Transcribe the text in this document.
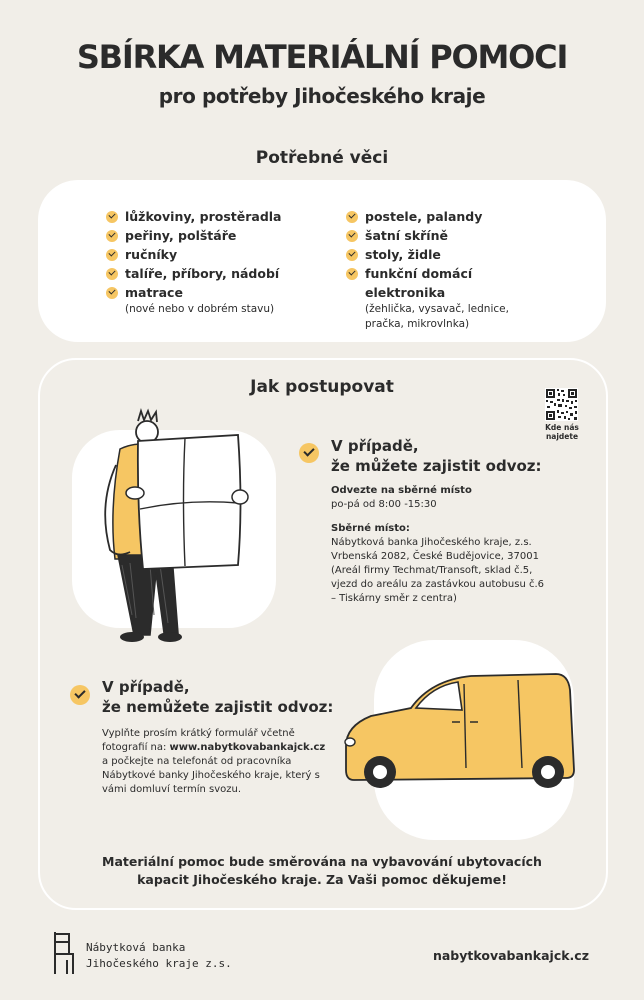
SBÍRKA MATERIÁLNÍ POMOCI
pro potřeby Jihočeského kraje
Potřebné věci
lůžkoviny, prostěradla
peřiny, polštáře
ručníky
talíře, příbory, nádobí
matrace
(nové nebo v dobrém stavu)
postele, palandy
šatní skříně
stoly, židle
funkční domácí elektronika
(žehlička, vysavač, lednice, pračka, mikrovlnka)
Jak postupovat
Kde nás najdete
V případě,
že můžete zajistit odvoz:
Odvezte na sběrné místo
po-pá od 8:00 -15:30
Sběrné místo:
Nábytková banka Jihočeského kraje, z.s.
Vrbenská 2082, České Budějovice, 37001
(Areál firmy Techmat/Transoft, sklad č.5,
vjezd do areálu za zastávkou autobusu č.6
– Tiskárny směr z centra)
V případě,
že nemůžete zajistit odvoz:
Vyplňte prosím krátký formulář včetně fotografií na: www.nabytkovabankajck.cz a počkejte na telefonát od pracovníka Nábytkové banky Jihočeského kraje, který s vámi domluví termín svozu.
Materiální pomoc bude směrována na vybavování ubytovacích kapacit Jihočeského kraje. Za Vaši pomoc děkujeme!
Nábytková banka
Jihočeského kraje z.s.
nabytkovabankajck.cz
